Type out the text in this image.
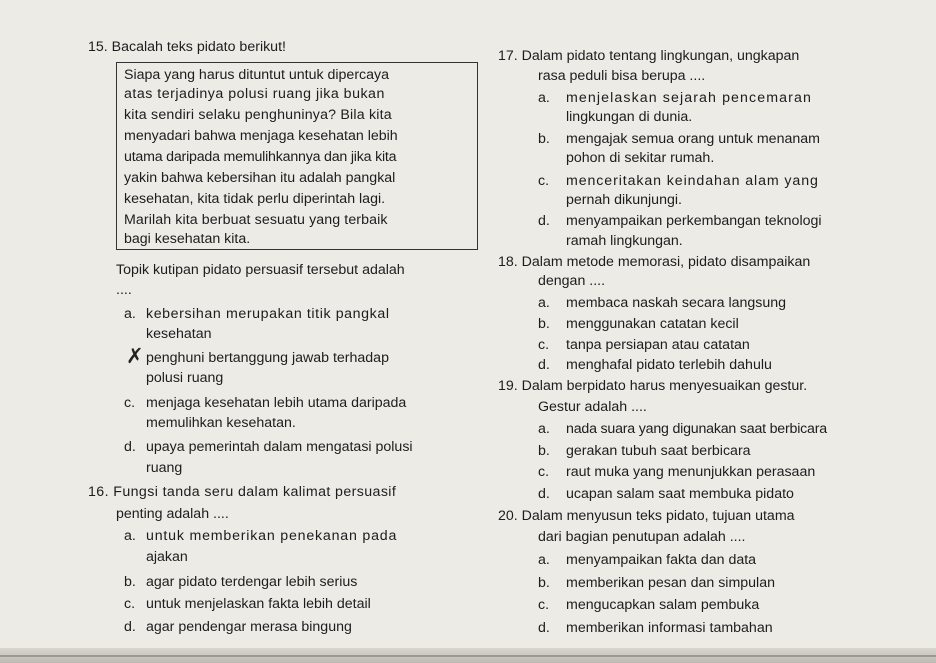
15. Bacalah teks pidato berikut!
Siapa yang harus dituntut untuk dipercaya
atas terjadinya polusi ruang jika bukan
kita sendiri selaku penghuninya? Bila kita
menyadari bahwa menjaga kesehatan lebih
utama daripada memulihkannya dan jika kita
yakin bahwa kebersihan itu adalah pangkal
kesehatan, kita tidak perlu diperintah lagi.
Marilah kita berbuat sesuatu yang terbaik
bagi kesehatan kita.
Topik kutipan pidato persuasif tersebut adalah
....
a. kebersihan merupakan titik pangkal
kesehatan
✗ penghuni bertanggung jawab terhadap
polusi ruang
c. menjaga kesehatan lebih utama daripada
memulihkan kesehatan.
d. upaya pemerintah dalam mengatasi polusi
ruang
16. Fungsi tanda seru dalam kalimat persuasif
penting adalah ....
a. untuk memberikan penekanan pada
ajakan
b. agar pidato terdengar lebih serius
c. untuk menjelaskan fakta lebih detail
d. agar pendengar merasa bingung
17. Dalam pidato tentang lingkungan, ungkapan
rasa peduli bisa berupa ....
a. menjelaskan sejarah pencemaran
lingkungan di dunia.
b. mengajak semua orang untuk menanam
pohon di sekitar rumah.
c. menceritakan keindahan alam yang
pernah dikunjungi.
d. menyampaikan perkembangan teknologi
ramah lingkungan.
18. Dalam metode memorasi, pidato disampaikan
dengan ....
a. membaca naskah secara langsung
b. menggunakan catatan kecil
c. tanpa persiapan atau catatan
d. menghafal pidato terlebih dahulu
19. Dalam berpidato harus menyesuaikan gestur.
Gestur adalah ....
a. nada suara yang digunakan saat berbicara
b. gerakan tubuh saat berbicara
c. raut muka yang menunjukkan perasaan
d. ucapan salam saat membuka pidato
20. Dalam menyusun teks pidato, tujuan utama
dari bagian penutupan adalah ....
a. menyampaikan fakta dan data
b. memberikan pesan dan simpulan
c. mengucapkan salam pembuka
d. memberikan informasi tambahan
